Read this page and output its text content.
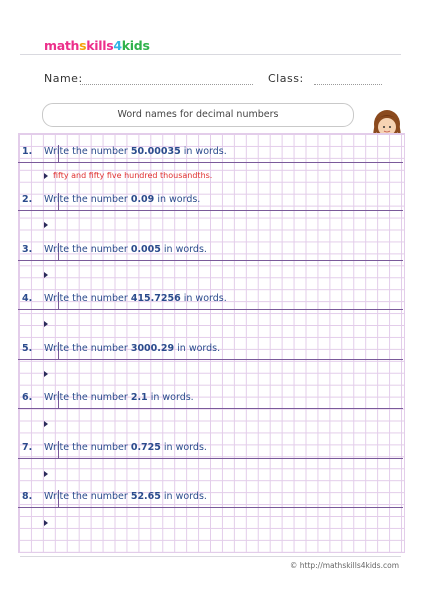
mathskills4kids
Name:	Class:
Word names for decimal numbers
1. Write the number 50.00035 in words.
fifty and fifty five hundred thousandths.
2. Write the number 0.09 in words.
3. Write the number 0.005 in words.
4. Write the number 415.7256 in words.
5. Write the number 3000.29 in words.
6. Write the number 2.1 in words.
7. Write the number 0.725 in words.
8. Write the number 52.65 in words.
© http://mathskills4kids.com
